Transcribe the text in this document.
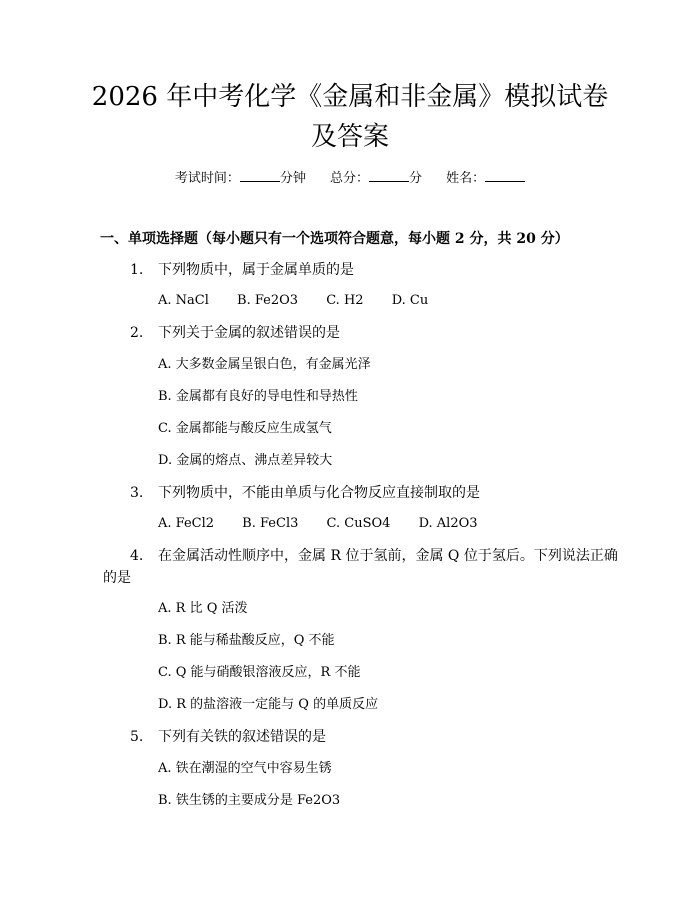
2026 年中考化学《金属和非金属》模拟试卷
及答案
考试时间：	分钟 总分：	分 姓名：
一、单项选择题（每小题只有一个选项符合题意，每小题 2 分，共 20 分）
1. 下列物质中，属于金属单质的是
A. NaCl B. Fe2O3 C. H2 D. Cu
2. 下列关于金属的叙述错误的是
A. 大多数金属呈银白色，有金属光泽
B. 金属都有良好的导电性和导热性
C. 金属都能与酸反应生成氢气
D. 金属的熔点、沸点差异较大
3. 下列物质中，不能由单质与化合物反应直接制取的是
A. FeCl2 B. FeCl3 C. CuSO4 D. Al2O3
4. 在金属活动性顺序中，金属 R 位于氢前，金属 Q 位于氢后。下列说法正确
的是
A. R 比 Q 活泼
B. R 能与稀盐酸反应，Q 不能
C. Q 能与硝酸银溶液反应，R 不能
D. R 的盐溶液一定能与 Q 的单质反应
5. 下列有关铁的叙述错误的是
A. 铁在潮湿的空气中容易生锈
B. 铁生锈的主要成分是 Fe2O3
